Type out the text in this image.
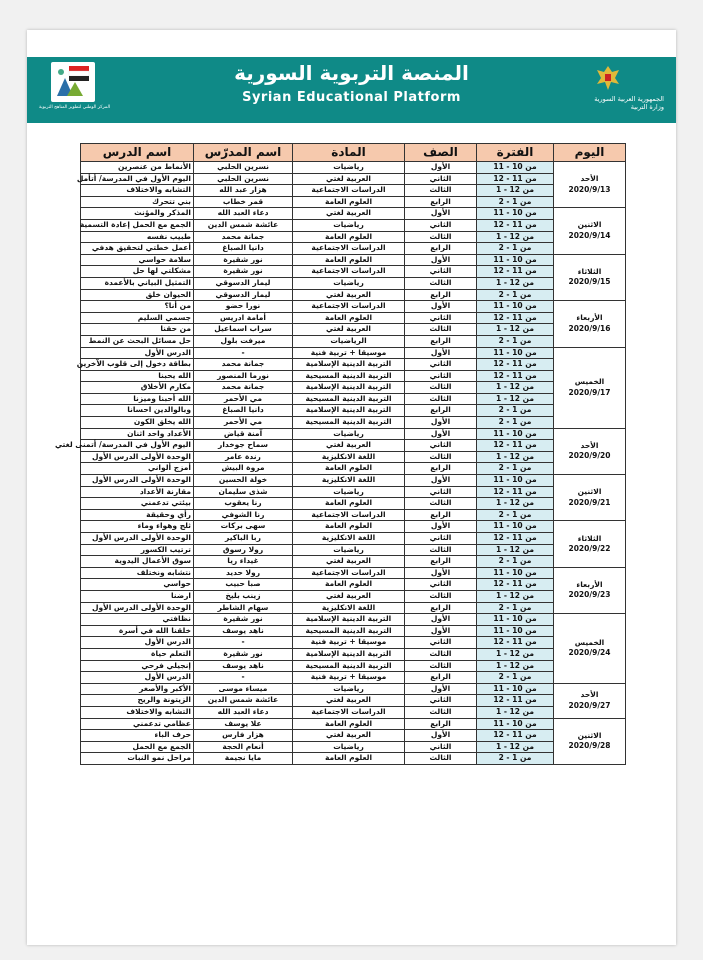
المركز الوطني لتطوير المناهج التربوية
المنصة التربوية السورية
Syrian Educational Platform	الجمهورية العربية السورية
وزارة التربية
اليوم	الفترة	الصف	المادة	اسم المدرّس	اسم الدرس

الأحد
2020/9/13	من 10 - 11	الأول	رياضيات	نسرين الحلبي	الأنماط من عنصرين
	من 11 - 12	الثاني	العربية لغتي	نسرين الحلبي	اليوم الأول في المدرسة/ أتأمل
	من 12 - 1	الثالث	الدراسات الاجتماعية	هزار عبد الله	التشابه والاختلاف
	من 1 - 2	الرابع	العلوم العامة	قمر خطاب	بني تتحرك

الاثنين
2020/9/14	من 10 - 11	الأول	العربية لغتي	دعاء العبد الله	المذكر والمؤنث
	من 11 - 12	الثاني	رياضيات	عائشة شمس الدين	الجمع مع الحمل إعادة التسمية
	من 12 - 1	الثالث	العلوم العامة	جمانة محمد	طبيب نفسه
	من 1 - 2	الرابع	الدراسات الاجتماعية	دانيا الصباغ	أعمل خطتي لتحقيق هدفي

الثلاثاء
2020/9/15	من 10 - 11	الأول	العلوم العامة	نور شقيرة	سلامة حواسي
	من 11 - 12	الثاني	الدراسات الاجتماعية	نور شقيرة	مشكلتي لها حل
	من 12 - 1	الثالث	رياضيات	ليمار الدسوقي	التمثيل البياني بالأعمدة
	من 1 - 2	الرابع	العربية لغتي	ليمار الدسوقي	الحيوان خلق

الأربعاء
2020/9/16	من 10 - 11	الأول	الدراسات الاجتماعية	نورا حضو	من أنا؟
	من 11 - 12	الثاني	العلوم العامة	أمامة ادريس	جسمي السليم
	من 12 - 1	الثالث	العربية لغتي	سراب اسماعيل	من حقنا
	من 1 - 2	الرابع	الرياضيات	ميرفت بلول	حل مسائل البحث عن النمط

الخميس
2020/9/17	من 10 - 11	الأول	موسيقا + تربية فنية	-	الدرس الأول
	من 11 - 12	الثاني	التربية الدينية الإسلامية	جمانة محمد	بطاقة دخول إلى قلوب الآخرين
	من 11 - 12	الثاني	التربية الدينية المسيحية	نورما المنصور	الله يحبنا
	من 12 - 1	الثالث	التربية الدينية الإسلامية	جمانة محمد	مكارم الأخلاق
	من 12 - 1	الثالث	التربية الدينية المسيحية	مي الأحمر	الله أحبنا وميزنا
	من 1 - 2	الرابع	التربية الدينية الإسلامية	دانيا الصباغ	وبالوالدين احسانا
	من 1 - 2	الأول	التربية الدينية المسيحية	مي الأحمر	الله يخلق الكون

الأحد
2020/9/20	من 10 - 11	الأول	رياضيات	آمنة قياض	الأعداد واحد اثنان
	من 11 - 12	الثاني	العربية لغتي	سماح جوخدار	اليوم الأول في المدرسة/ أتمنى لغتي
	من 12 - 1	الثالث	اللغة الانكليزية	رندة عامر	الوحدة الأولى الدرس الأول
	من 1 - 2	الرابع	العلوم العامة	مروة البيش	أمزج ألواني

الاثنين
2020/9/21	من 10 - 11	الأول	اللغة الانكليزية	خولة الحسين	الوحدة الأولى الدرس الأول
	من 11 - 12	الثاني	رياضيات	شذى سليمان	مقارنة الأعداد
	من 12 - 1	الثالث	العلوم العامة	رنا يعقوب	بيئتي تدعمني
	من 1 - 2	الرابع	الدراسات الاجتماعية	رنا الشوفي	رأي وحقيقة

الثلاثاء
2020/9/22	من 10 - 11	الأول	العلوم العامة	سهى بركات	ثلج وهواء وماء
	من 11 - 12	الثاني	اللغة الانكليزية	ربا الباكير	الوحدة الأولى الدرس الأول
	من 12 - 1	الثالث	رياضيات	رولا رسوق	ترتيب الكسور
	من 1 - 2	الرابع	العربية لغتي	غيداء ريا	سوق الأعمال اليدوية

الأربعاء
2020/9/23	من 10 - 11	الأول	الدراسات الاجتماعية	رولا حديد	نتشابه ونختلف
	من 11 - 12	الثاني	العلوم العامة	صبا حبيب	حواسي
	من 12 - 1	الثالث	العربية لغتي	زينب بليخ	ارضنا
	من 1 - 2	الرابع	اللغة الانكليزية	سهام الشاطر	الوحدة الأولى الدرس الأول

الخميس
2020/9/24	من 10 - 11	الأول	التربية الدينية الإسلامية	نور شقيرة	نظافتي
	من 10 - 11	الأول	التربية الدينية المسيحية	ناهد يوسف	خلقنا الله في أسرة
	من 11 - 12	الثاني	موسيقا + تربية فنية	-	الدرس الأول
	من 12 - 1	الثالث	التربية الدينية الإسلامية	نور شقيرة	التعلم حياة
	من 12 - 1	الثالث	التربية الدينية المسيحية	ناهد يوسف	إنجيلي فرحي
	من 1 - 2	الرابع	موسيقا + تربية فنية	-	الدرس الأول

الأحد
2020/9/27	من 10 - 11	الأول	رياضيات	ميساء موسى	الأكبر والأصغر
	من 11 - 12	الثاني	العربية لغتي	عائشة شمس الدين	الزيتونة والريح
	من 12 - 1	الثالث	الدراسات الاجتماعية	دعاء العبد الله	التشابه والاختلاف

الاثنين
2020/9/28	من 10 - 11	الرابع	العلوم العامة	علا يوسف	عظامي تدعمني
	من 11 - 12	الأول	العربية لغتي	هزار فارس	حرف الباء
	من 12 - 1	الثاني	رياضيات	أنعام الحجة	الجمع مع الحمل
	من 1 - 2	الثالث	العلوم العامة	مايا نجيمة	مراحل نمو النبات
